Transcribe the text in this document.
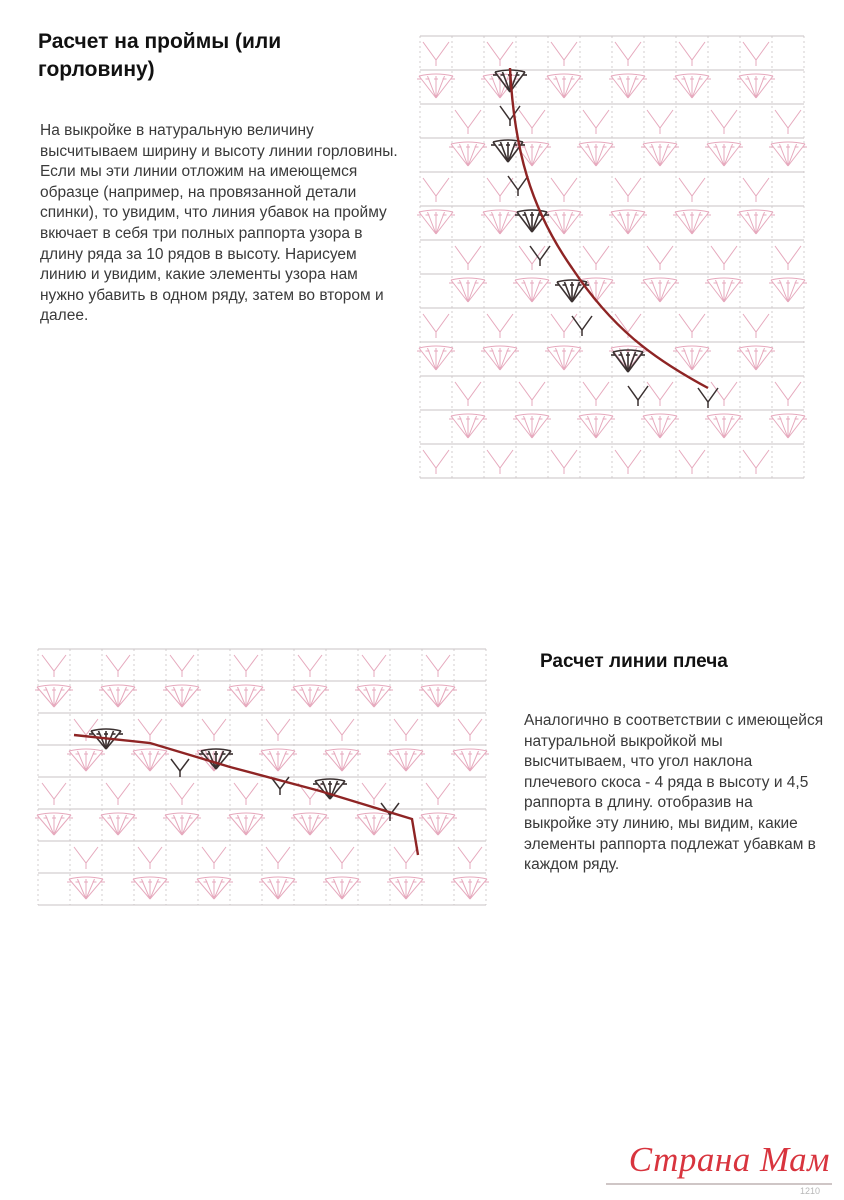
Расчет на проймы (или горловину)
На выкройке в натуральную величину высчитываем ширину и высоту линии горловины. Если мы эти линии отложим на имеющемся образце (например, на провязанной детали спинки), то увидим, что линия убавок на пройму вкючает в себя три полных раппорта узора в длину ряда за 10 рядов в высоту. Нарисуем линию и увидим, какие элементы узора нам нужно убавить в одном ряду, затем во втором и далее.
Расчет линии плеча
Аналогично в соответствии с имеющейся натуральной выкройкой мы высчитываем, что угол наклона плечевого скоса - 4 ряда в высоту и 4,5 раппорта в длину. отобразив на выкройке эту линию, мы видим, какие элементы раппорта подлежат убавкам в каждом ряду.
Страна Мам
1210
